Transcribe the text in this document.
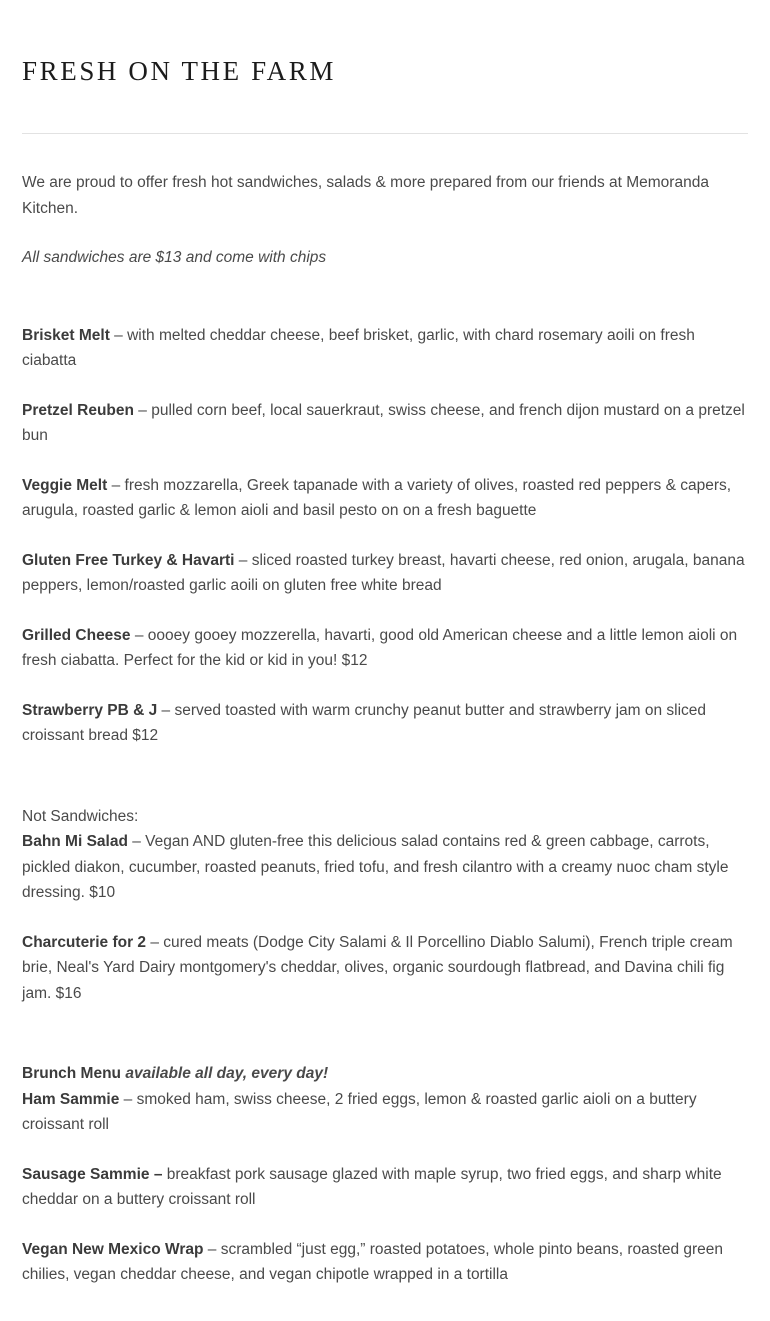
FRESH ON THE FARM

We are proud to offer fresh hot sandwiches, salads & more prepared from our friends at Memoranda Kitchen.

All sandwiches are $13 and come with chips

Brisket Melt – with melted cheddar cheese, beef brisket, garlic, with chard rosemary aoili on fresh ciabatta

Pretzel Reuben – pulled corn beef, local sauerkraut, swiss cheese, and french dijon mustard on a pretzel bun

Veggie Melt – fresh mozzarella, Greek tapanade with a variety of olives, roasted red peppers & capers, arugula, roasted garlic & lemon aioli and basil pesto on on a fresh baguette

Gluten Free Turkey & Havarti – sliced roasted turkey breast, havarti cheese, red onion, arugala, banana peppers, lemon/roasted garlic aoili on gluten free white bread

Grilled Cheese – oooey gooey mozzerella, havarti, good old American cheese and a little lemon aioli on fresh ciabatta. Perfect for the kid or kid in you! $12

Strawberry PB & J – served toasted with warm crunchy peanut butter and strawberry jam on sliced croissant bread $12

Not Sandwiches:

Bahn Mi Salad – Vegan AND gluten-free this delicious salad contains red & green cabbage, carrots, pickled diakon, cucumber, roasted peanuts, fried tofu, and fresh cilantro with a creamy nuoc cham style dressing. $10

Charcuterie for 2 – cured meats (Dodge City Salami & Il Porcellino Diablo Salumi), French triple cream brie, Neal's Yard Dairy montgomery's cheddar, olives, organic sourdough flatbread, and Davina chili fig jam. $16

Brunch Menu available all day, every day!

Ham Sammie – smoked ham, swiss cheese, 2 fried eggs, lemon & roasted garlic aioli on a buttery croissant roll

Sausage Sammie – breakfast pork sausage glazed with maple syrup, two fried eggs, and sharp white cheddar on a buttery croissant roll

Vegan New Mexico Wrap – scrambled “just egg,” roasted potatoes, whole pinto beans, roasted green chilies, vegan cheddar cheese, and vegan chipotle wrapped in a tortilla
